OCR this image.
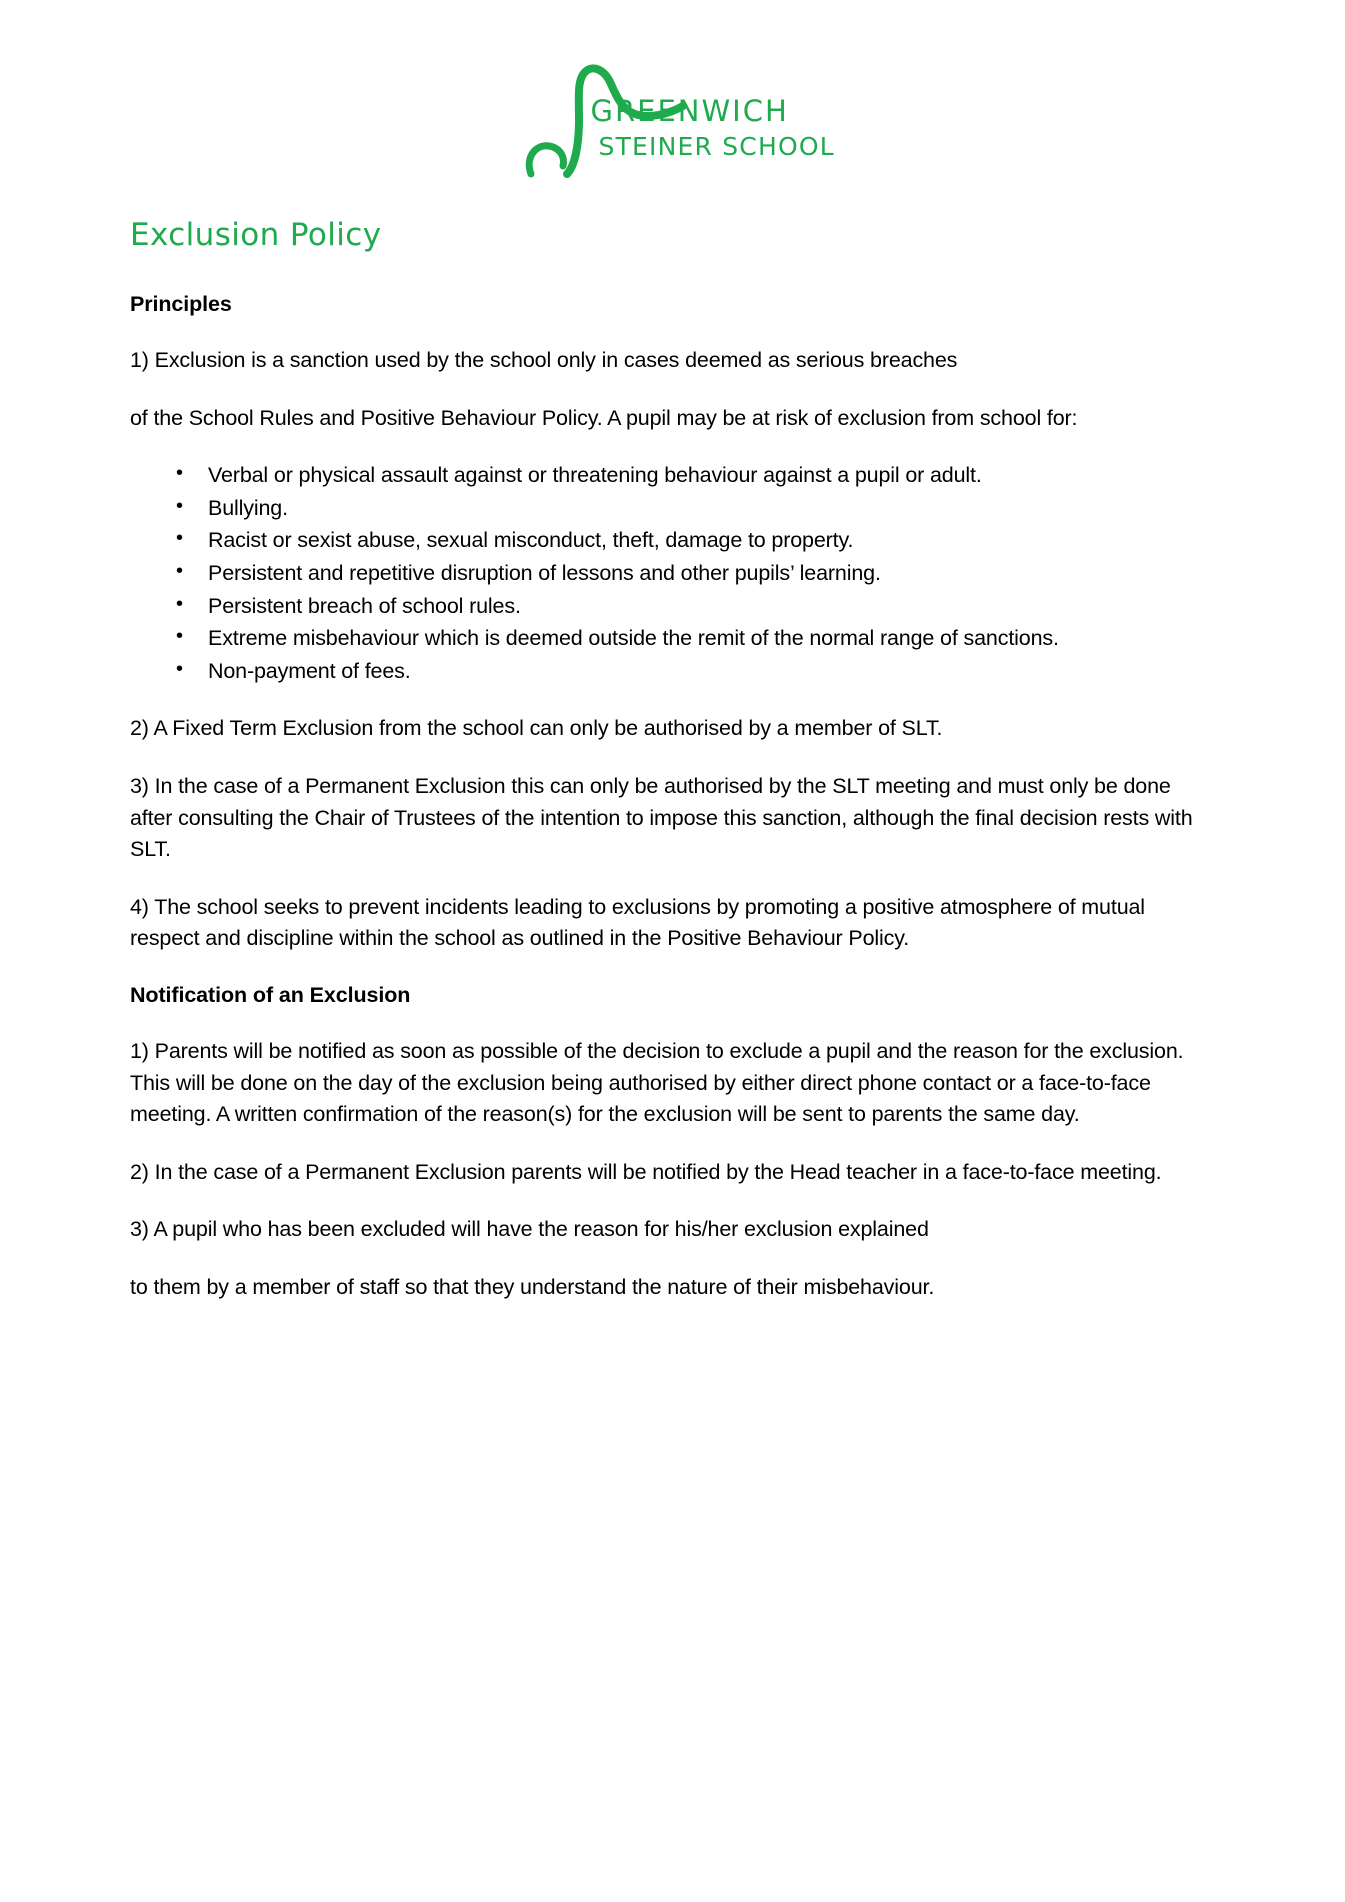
GREENWICH
STEINER SCHOOL
Exclusion Policy
Principles

1) Exclusion is a sanction used by the school only in cases deemed as serious breaches

of the School Rules and Positive Behaviour Policy. A pupil may be at risk of exclusion from school for:

• Verbal or physical assault against or threatening behaviour against a pupil or adult.
• Bullying.
• Racist or sexist abuse, sexual misconduct, theft, damage to property.
• Persistent and repetitive disruption of lessons and other pupils’ learning.
• Persistent breach of school rules.
• Extreme misbehaviour which is deemed outside the remit of the normal range of sanctions.
• Non-payment of fees.

2) A Fixed Term Exclusion from the school can only be authorised by a member of SLT.

3) In the case of a Permanent Exclusion this can only be authorised by the SLT meeting and must only be done after consulting the Chair of Trustees of the intention to impose this sanction, although the final decision rests with SLT.

4) The school seeks to prevent incidents leading to exclusions by promoting a positive atmosphere of mutual respect and discipline within the school as outlined in the Positive Behaviour Policy.

Notification of an Exclusion

1) Parents will be notified as soon as possible of the decision to exclude a pupil and the reason for the exclusion. This will be done on the day of the exclusion being authorised by either direct phone contact or a face-to-face meeting. A written confirmation of the reason(s) for the exclusion will be sent to parents the same day.

2) In the case of a Permanent Exclusion parents will be notified by the Head teacher in a face-to-face meeting.

3) A pupil who has been excluded will have the reason for his/her exclusion explained

to them by a member of staff so that they understand the nature of their misbehaviour.
